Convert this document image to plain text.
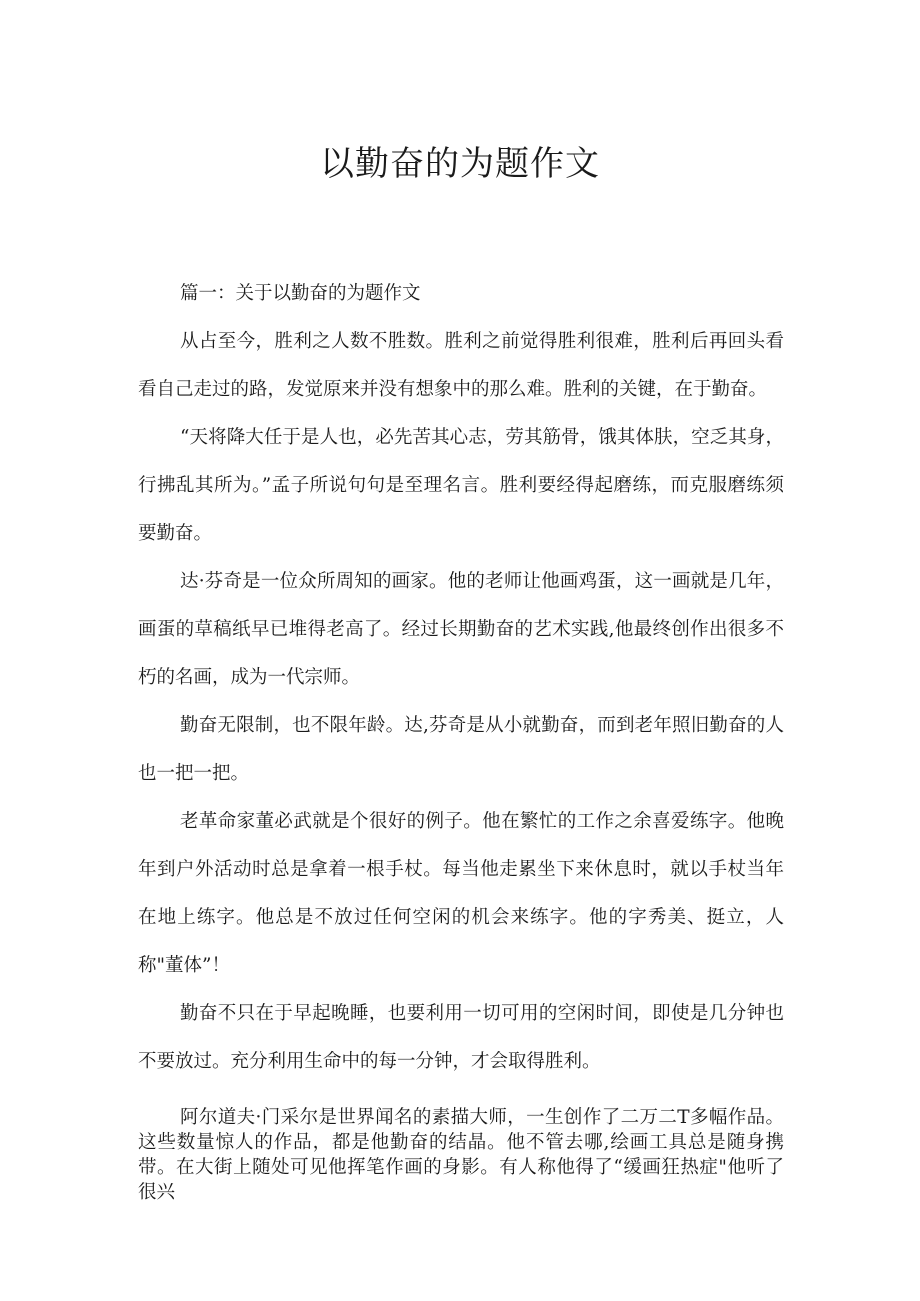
以勤奋的为题作文

篇一：关于以勤奋的为题作文

从占至今，胜利之人数不胜数。胜利之前觉得胜利很难，胜利后再回头看看自己走过的路，发觉原来并没有想象中的那么难。胜利的关键，在于勤奋。

“天将降大任于是人也，必先苦其心志，劳其筋骨，饿其体肤，空乏其身，行拂乱其所为。”孟子所说句句是至理名言。胜利要经得起磨练，而克服磨练须要勤奋。

达·芬奇是一位众所周知的画家。他的老师让他画鸡蛋，这一画就是几年，画蛋的草稿纸早已堆得老高了。经过长期勤奋的艺术实践,他最终创作出很多不朽的名画，成为一代宗师。

勤奋无限制，也不限年龄。达,芬奇是从小就勤奋，而到老年照旧勤奋的人也一把一把。

老革命家董必武就是个很好的例子。他在繁忙的工作之余喜爱练字。他晚年到户外活动时总是拿着一根手杖。每当他走累坐下来休息时，就以手杖当年在地上练字。他总是不放过任何空闲的机会来练字。他的字秀美、挺立，人称"董体”！

勤奋不只在于早起晚睡，也要利用一切可用的空闲时间，即使是几分钟也不要放过。充分利用生命中的每一分钟，才会取得胜利。

阿尔道夫·门采尔是世界闻名的素描大师，一生创作了二万二T多幅作品。这些数量惊人的作品，都是他勤奋的结晶。他不管去哪,绘画工具总是随身携带。在大街上随处可见他挥笔作画的身影。有人称他得了“缓画狂热症"他听了很兴
